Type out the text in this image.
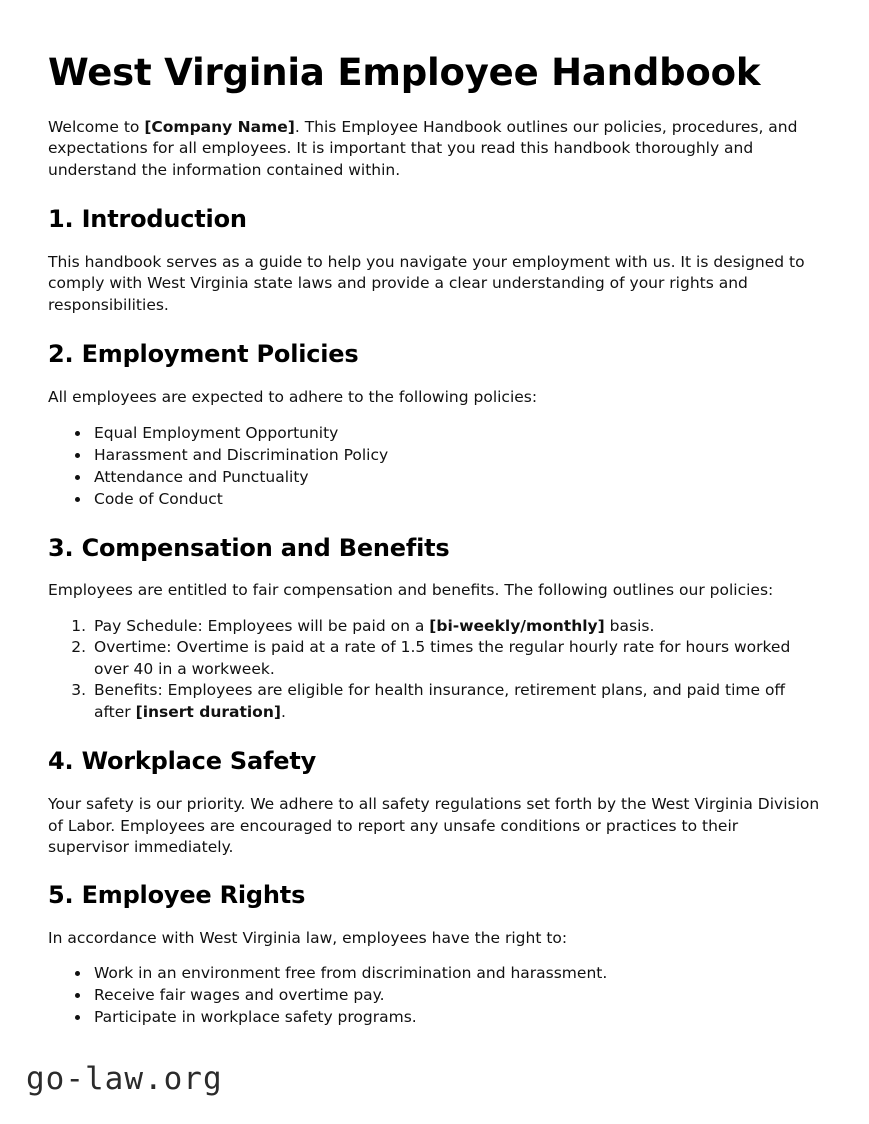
West Virginia Employee Handbook

Welcome to [Company Name]. This Employee Handbook outlines our policies, procedures, and expectations for all employees. It is important that you read this handbook thoroughly and understand the information contained within.

1. Introduction

This handbook serves as a guide to help you navigate your employment with us. It is designed to comply with West Virginia state laws and provide a clear understanding of your rights and responsibilities.

2. Employment Policies

All employees are expected to adhere to the following policies:

• Equal Employment Opportunity
• Harassment and Discrimination Policy
• Attendance and Punctuality
• Code of Conduct
3. Compensation and Benefits

Employees are entitled to fair compensation and benefits. The following outlines our policies:

1. Pay Schedule: Employees will be paid on a [bi-weekly/monthly] basis.
2. Overtime: Overtime is paid at a rate of 1.5 times the regular hourly rate for hours worked over 40 in a workweek.
3. Benefits: Employees are eligible for health insurance, retirement plans, and paid time off after [insert duration].
4. Workplace Safety

Your safety is our priority. We adhere to all safety regulations set forth by the West Virginia Division of Labor. Employees are encouraged to report any unsafe conditions or practices to their supervisor immediately.

5. Employee Rights

In accordance with West Virginia law, employees have the right to:

• Work in an environment free from discrimination and harassment.
• Receive fair wages and overtime pay.
• Participate in workplace safety programs.
go-law.org
